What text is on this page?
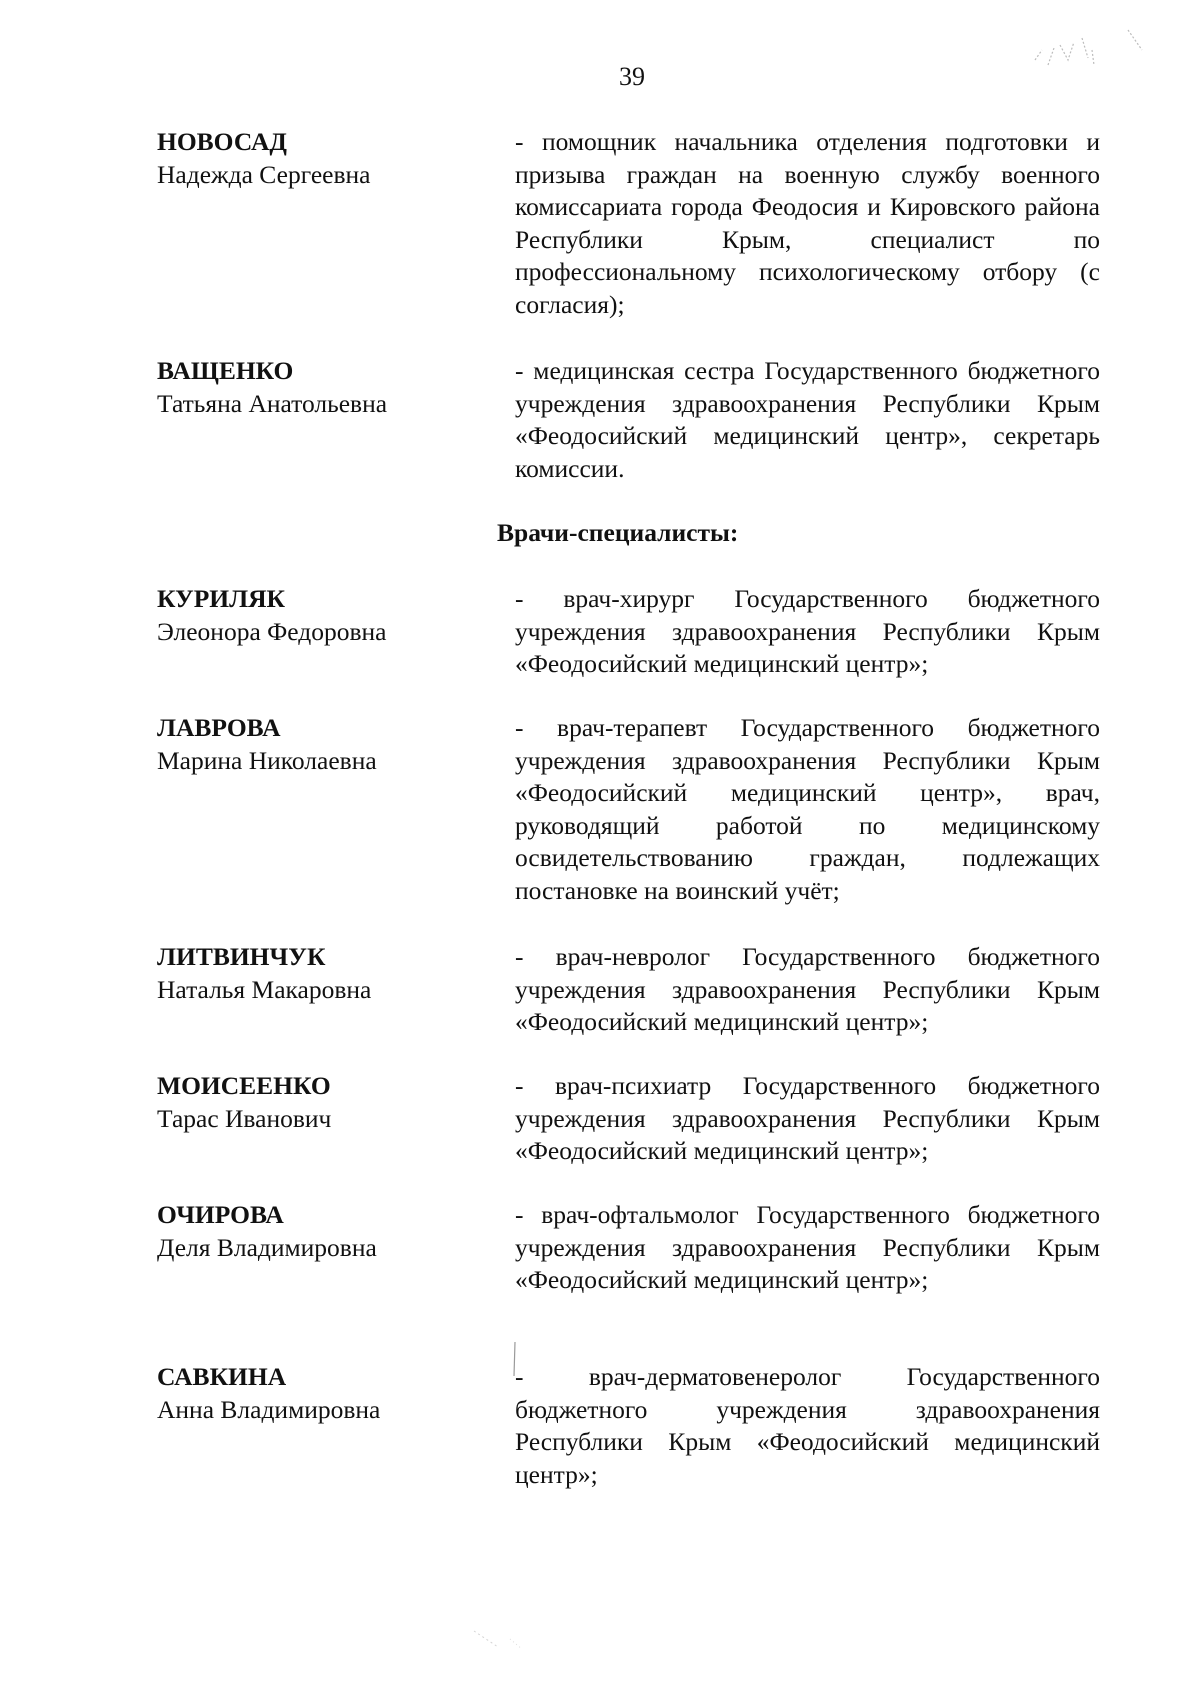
39
НОВОСАД
Надежда Сергеевна

- помощник начальника отделения подготовки и призыва граждан на военную службу военного комиссариата города Феодосия и Кировского района Республики Крым, специалист по профессиональному психологическому отбору (с согласия);

ВАЩЕНКО
Татьяна Анатольевна

- медицинская сестра Государственного бюджетного учреждения здравоохранения Республики Крым «Феодосийский медицинский центр», секретарь комиссии.

Врачи-специалисты:
КУРИЛЯК
Элеонора Федоровна

- врач-хирург Государственного бюджетного учреждения здравоохранения Республики Крым «Феодосийский медицинский центр»;

ЛАВРОВА
Марина Николаевна

- врач-терапевт Государственного бюджетного учреждения здравоохранения Республики Крым «Феодосийский медицинский центр», врач, руководящий работой по медицинскому освидетельствованию граждан, подлежащих постановке на воинский учёт;

ЛИТВИНЧУК
Наталья Макаровна

- врач-невролог Государственного бюджетного учреждения здравоохранения Республики Крым «Феодосийский медицинский центр»;

МОИСЕЕНКО
Тарас Иванович

- врач-психиатр Государственного бюджетного учреждения здравоохранения Республики Крым «Феодосийский медицинский центр»;

ОЧИРОВА
Деля Владимировна

- врач-офтальмолог Государственного бюджетного учреждения здравоохранения Республики Крым «Феодосийский медицинский центр»;

САВКИНА
Анна Владимировна

- врач-дерматовенеролог Государственного бюджетного учреждения здравоохранения Республики Крым «Феодосийский медицинский центр»;
